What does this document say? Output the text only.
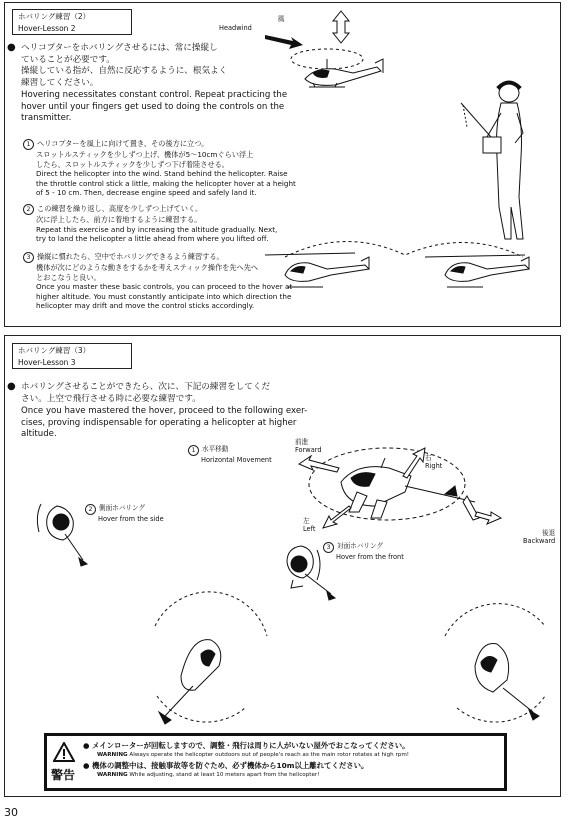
ホバリング練習（2）
Hover-Lesson 2
風
Headwind
● ヘリコプターをホバリングさせるには、常に操縦し
ていることが必要です。
操縦している指が、自然に反応するように、根気よく
練習してください。
Hovering necessitates constant control. Repeat practicing the
hover until your fingers get used to doing the controls on the
transmitter.
1 ヘリコプターを風上に向けて置き、その後方に立つ。
スロットルスティックを少しずつ上げ、機体が5～10cmぐらい浮上
したら、スロットルスティックを少しずつ下げ着陸させる。
Direct the helicopter into the wind. Stand behind the helicopter. Raise
the throttle control stick a little, making the helicopter hover at a height
of 5 - 10 cm. Then, decrease engine speed and safely land it.
2 この練習を繰り返し、高度を少しずつ上げていく。
次に浮上したら、前方に着地するように練習する。
Repeat this exercise and by increasing the altitude gradually. Next,
try to land the helicopter a little ahead from where you lifted off.
3 操縦に慣れたら、空中でホバリングできるよう練習する。
機体が次にどのような動きをするかを考えスティック操作を先へ先へ
とおこなうと良い。
Once you master these basic controls, you can proceed to the hover at
higher altitude. You must constantly anticipate into which direction the
helicopter may drift and move the control sticks accordingly.
ホバリング練習（3）
Hover-Lesson 3
● ホバリングさせることができたら、次に、下記の練習をしてくだ
さい。上空で飛行させる時に必要な練習です。
Once you have mastered the hover, proceed to the following exer-
cises, proving indispensable for operating a helicopter at higher
altitude.
1 水平移動
Horizontal Movement
2 側面ホバリング
Hover from the side
3 対面ホバリング
Hover from the front
前進
Forward
右
Right
左
Left	後退
Backward
警告
● メインローターが回転しますので、調整・飛行は周りに人がいない屋外でおこなってください。
WARNING Always operate the helicopter outdoors out of people's reach as the main rotor rotates at high rpm!
● 機体の調整中は、接触事故等を防ぐため、必ず機体から10m以上離れてください。
WARNING While adjusting, stand at least 10 meters apart from the helicopter!
30
